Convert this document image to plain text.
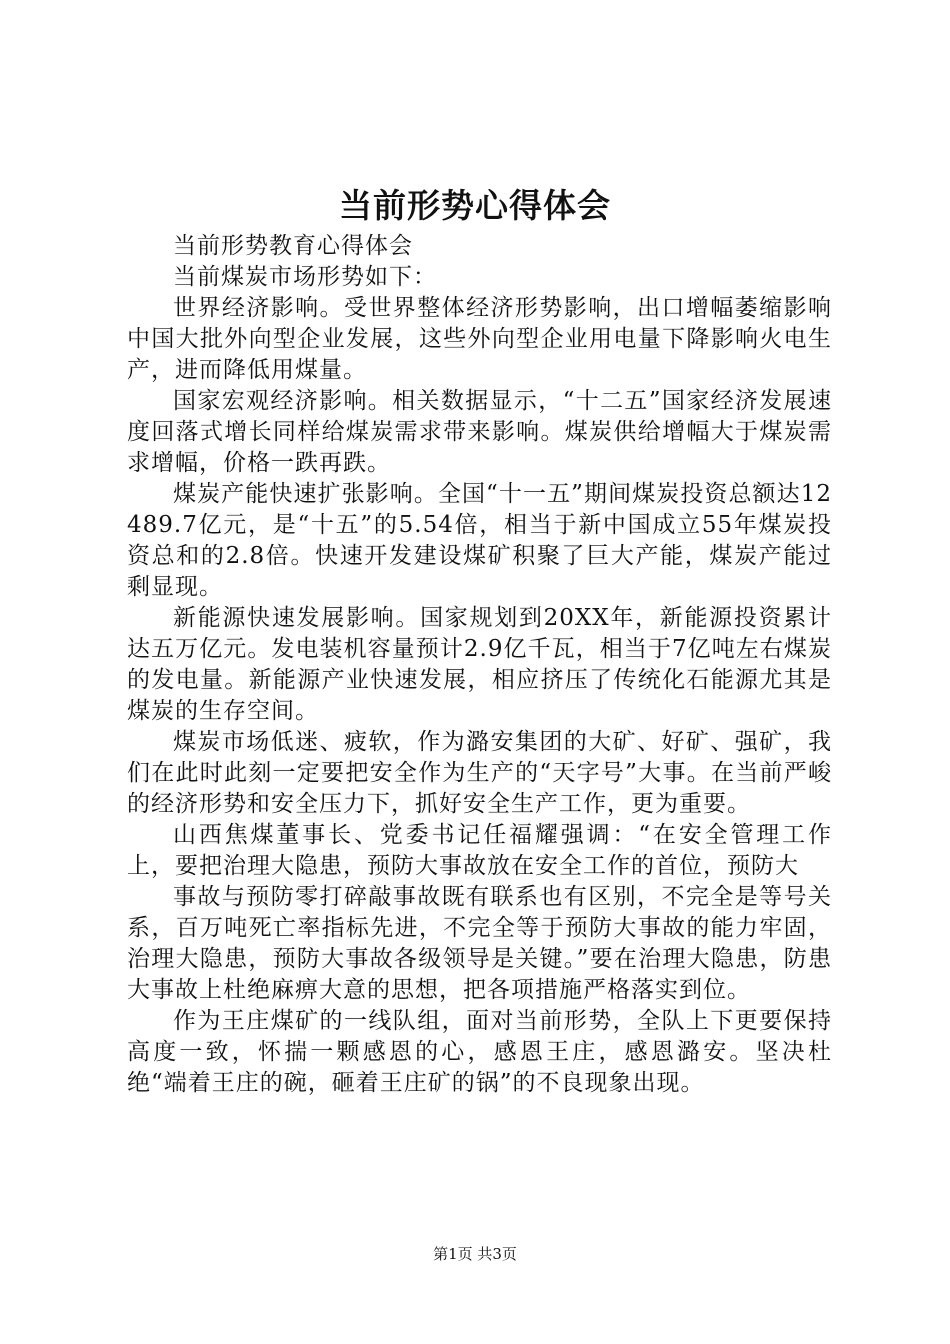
当前形势心得体会

当前形势教育心得体会

当前煤炭市场形势如下：

世界经济影响。受世界整体经济形势影响，出口增幅萎缩影响中国大批外向型企业发展，这些外向型企业用电量下降影响火电生产，进而降低用煤量。

国家宏观经济影响。相关数据显示，“十二五”国家经济发展速度回落式增长同样给煤炭需求带来影响。煤炭供给增幅大于煤炭需求增幅，价格一跌再跌。

煤炭产能快速扩张影响。全国“十一五”期间煤炭投资总额达12489.7亿元，是“十五”的5.54倍，相当于新中国成立55年煤炭投资总和的2.8倍。快速开发建设煤矿积聚了巨大产能，煤炭产能过剩显现。

新能源快速发展影响。国家规划到20XX年，新能源投资累计达五万亿元。发电装机容量预计2.9亿千瓦，相当于7亿吨左右煤炭的发电量。新能源产业快速发展，相应挤压了传统化石能源尤其是煤炭的生存空间。

煤炭市场低迷、疲软，作为潞安集团的大矿、好矿、强矿，我们在此时此刻一定要把安全作为生产的“天字号”大事。在当前严峻的经济形势和安全压力下，抓好安全生产工作，更为重要。

山西焦煤董事长、党委书记任福耀强调：“在安全管理工作上，要把治理大隐患，预防大事故放在安全工作的首位，预防大

事故与预防零打碎敲事故既有联系也有区别，不完全是等号关系，百万吨死亡率指标先进，不完全等于预防大事故的能力牢固，治理大隐患，预防大事故各级领导是关键。”要在治理大隐患，防患大事故上杜绝麻痹大意的思想，把各项措施严格落实到位。

作为王庄煤矿的一线队组，面对当前形势，全队上下更要保持高度一致，怀揣一颗感恩的心，感恩王庄，感恩潞安。坚决杜绝“端着王庄的碗，砸着王庄矿的锅”的不良现象出现。

第1页 共3页
